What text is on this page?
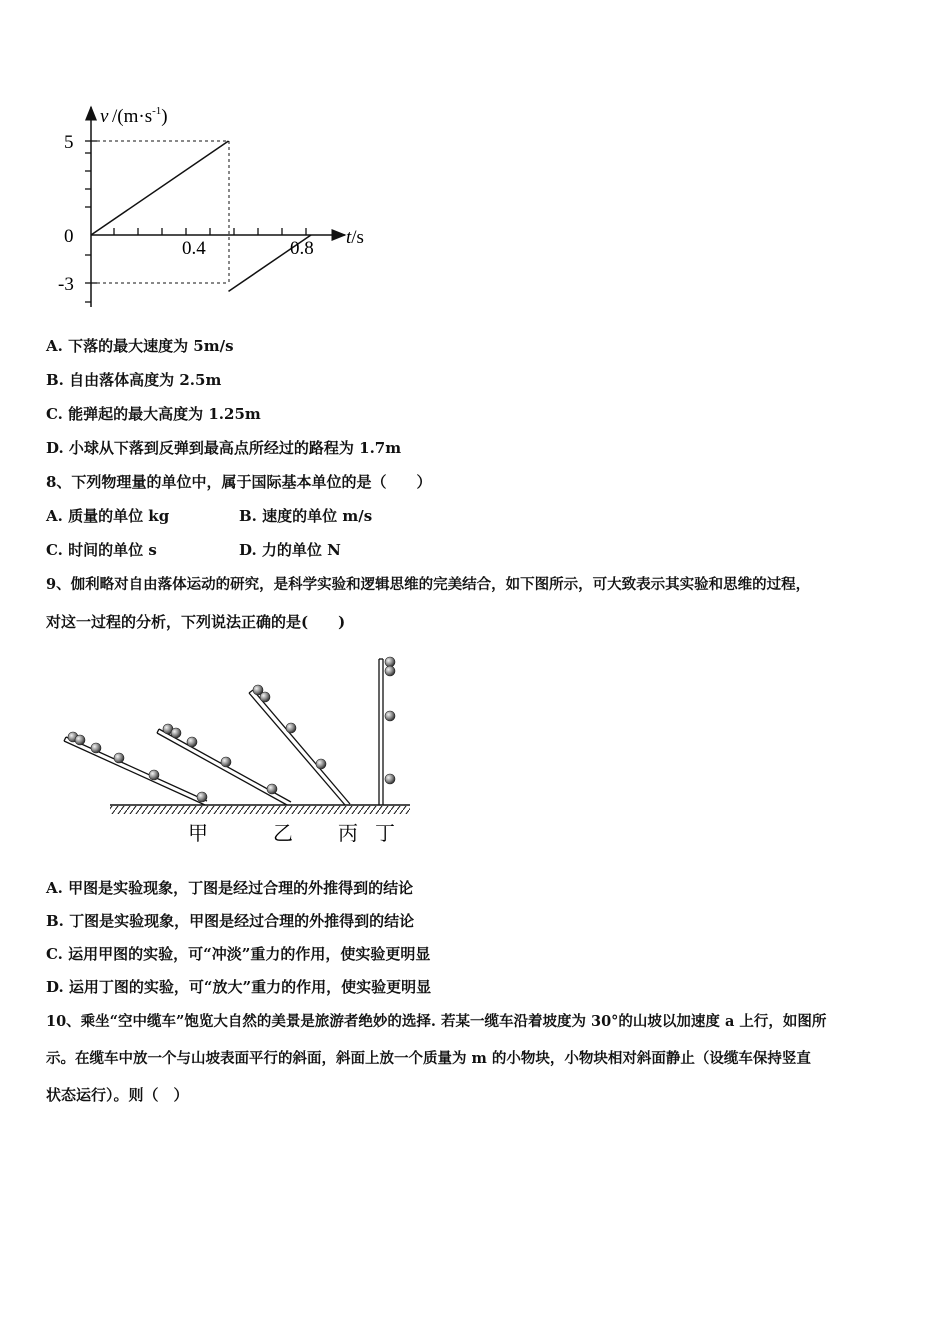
v $/(m\cdot s^{-1})$
5
0
-3
0.4	0.8
t/s
A. 下落的最大速度为 5m/s
B. 自由落体高度为 2.5m
C. 能弹起的最大高度为 1.25m
D. 小球从下落到反弹到最高点所经过的路程为 1.7m
8、下列物理量的单位中，属于国际基本单位的是（　　）
A. 质量的单位 kg	B. 速度的单位 m/s
C. 时间的单位 s	D. 力的单位 N
9、伽利略对自由落体运动的研究，是科学实验和逻辑思维的完美结合，如下图所示，可大致表示其实验和思维的过程，
对这一过程的分析，下列说法正确的是(　　)
甲	乙 丙 丁
A. 甲图是实验现象，丁图是经过合理的外推得到的结论
B. 丁图是实验现象，甲图是经过合理的外推得到的结论
C. 运用甲图的实验，可“冲淡”重力的作用，使实验更明显
D. 运用丁图的实验，可“放大”重力的作用，使实验更明显
10、乘坐“空中缆车”饱览大自然的美景是旅游者绝妙的选择. 若某一缆车沿着坡度为 30°的山坡以加速度 a 上行，如图所
示。在缆车中放一个与山坡表面平行的斜面，斜面上放一个质量为 m 的小物块，小物块相对斜面静止（设缆车保持竖直
状态运行）。则（　）
